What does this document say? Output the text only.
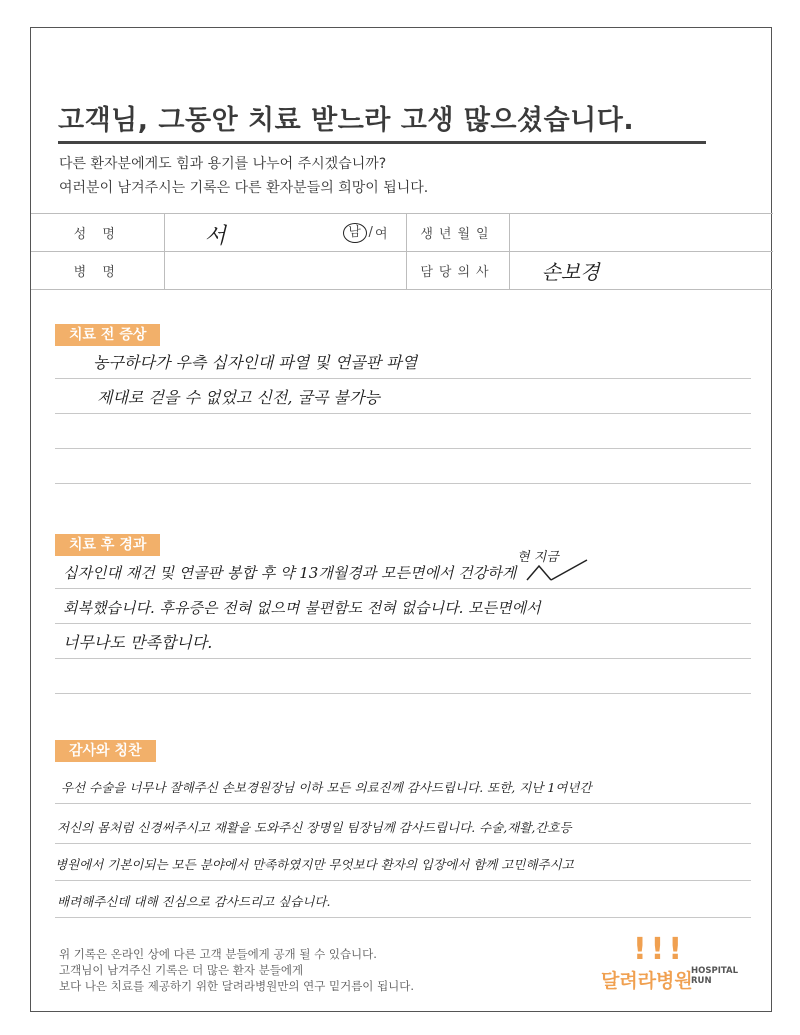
고객님, 그동안 치료 받느라 고생 많으셨습니다.
다른 환자분에게도 힘과 용기를 나누어 주시겠습니까?
여러분이 남겨주시는 기록은 다른 환자분들의 희망이 됩니다.
성 명	서 남 / 여	생년월일	
병 명		담당의사	손보경
치료 전 증상
농구하다가 우측 십자인대 파열 및 연골판 파열
제대로 걷을 수 없었고 신전, 굴곡 불가능
치료 후 경과
십자인대 재건 및 연골판 봉합 후 약 13개월경과 모든면에서 건강하게
현 지금
회복했습니다. 후유증은 전혀 없으며 불편함도 전혀 없습니다. 모든면에서
너무나도 만족합니다.
감사와 칭찬
우선 수술을 너무나 잘해주신 손보경원장님 이하 모든 의료진께 감사드립니다. 또한, 지난 1여년간
저신의 몸처럼 신경써주시고 재활을 도와주신 장명일 팀장님께 감사드립니다. 수술,재활,간호등
병원에서 기본이되는 모든 분야에서 만족하였지만 무엇보다 환자의 입장에서 함께 고민해주시고
배려해주신데 대해 진심으로 감사드리고 싶습니다.
위 기록은 온라인 상에 다른 고객 분들에게 공개 될 수 있습니다.
고객님이 남겨주신 기록은 더 많은 환자 분들에게
보다 나은 치료를 제공하기 위한 달려라병원만의 연구 밑거름이 됩니다.
!!!
달려라병원
HOSPITAL
RUN
